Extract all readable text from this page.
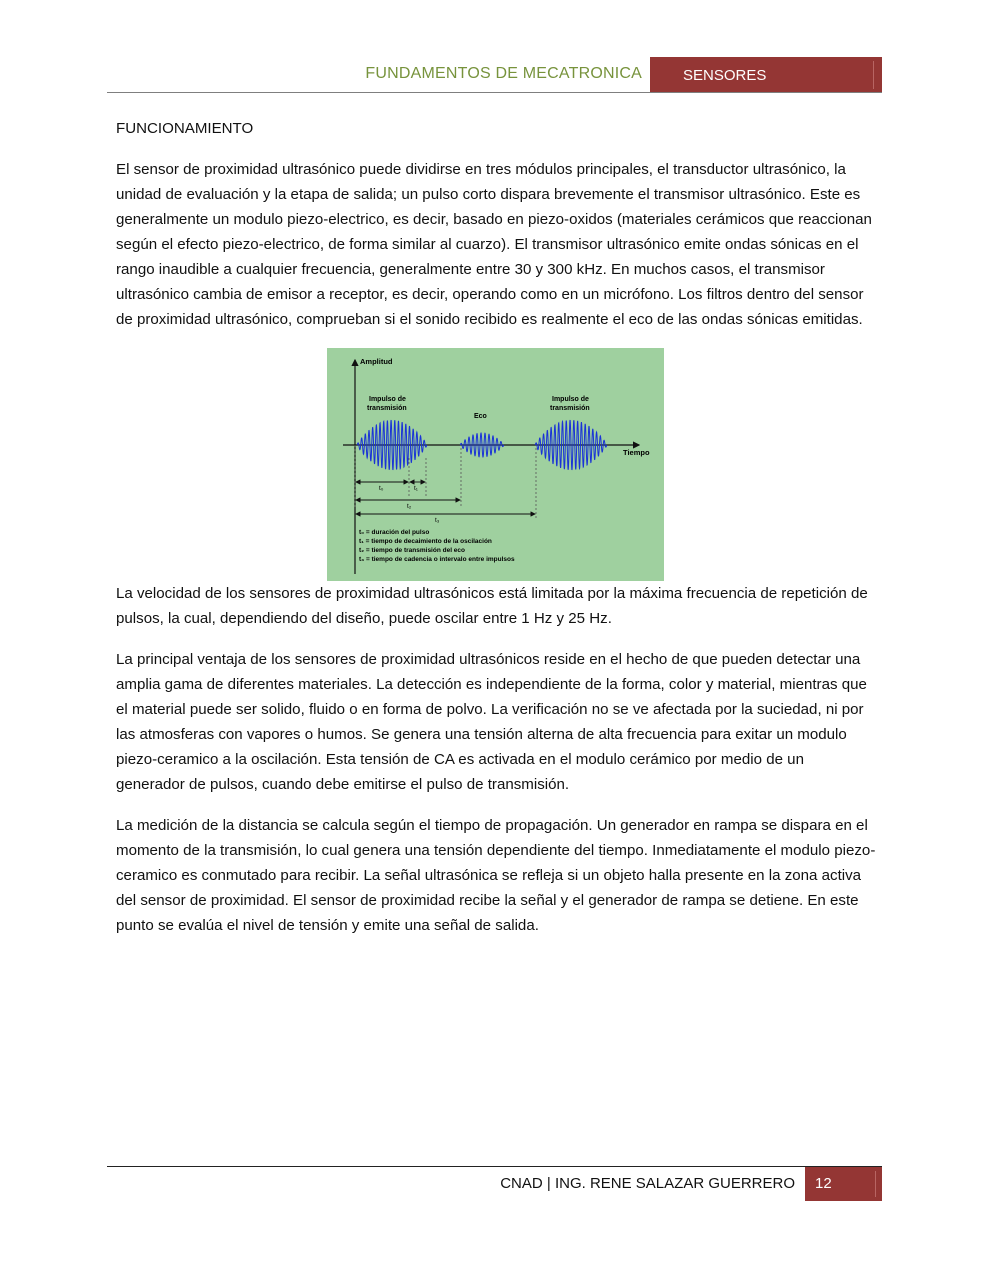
FUNDAMENTOS DE MECATRONICA	SENSORES

FUNCIONAMIENTO

El sensor de proximidad ultrasónico puede dividirse en tres módulos principales, el transductor ultrasónico, la unidad de evaluación y la etapa de salida; un pulso corto dispara brevemente el transmisor ultrasónico. Este es generalmente un modulo piezo-electrico, es decir, basado en piezo-oxidos (materiales cerámicos que reaccionan según el efecto piezo-electrico, de forma similar al cuarzo). El transmisor ultrasónico emite ondas sónicas en el rango inaudible a cualquier frecuencia, generalmente entre 30 y 300 kHz. En muchos casos, el transmisor ultrasónico cambia de emisor a receptor, es decir, operando como en un micrófono. Los filtros dentro del sensor de proximidad ultrasónico, comprueban si el sonido recibido es realmente el eco de las ondas sónicas emitidas.

Amplitud
Tiempo
Impulso de
transmisión
Eco
Impulso de
transmisión
t₀	t₁
t₂
t₃
t₀ = duración del pulso
t₁ = tiempo de decaimiento de la oscilación
t₂ = tiempo de transmisión del eco
t₃ = tiempo de cadencia o intervalo entre impulsos

La velocidad de los sensores de proximidad ultrasónicos está limitada por la máxima frecuencia de repetición de pulsos, la cual, dependiendo del diseño, puede oscilar entre 1 Hz y 25 Hz.

La principal ventaja de los sensores de proximidad ultrasónicos reside en el hecho de que pueden detectar una amplia gama de diferentes materiales. La detección es independiente de la forma, color y material, mientras que el material puede ser solido, fluido o en forma de polvo. La verificación no se ve afectada por la suciedad, ni por las atmosferas con vapores o humos. Se genera una tensión alterna de alta frecuencia para exitar un modulo piezo-ceramico a la oscilación. Esta tensión de CA es activada en el modulo cerámico por medio de un generador de pulsos, cuando debe emitirse el pulso de transmisión.

La medición de la distancia se calcula según el tiempo de propagación. Un generador en rampa se dispara en el momento de la transmisión, lo cual genera una tensión dependiente del tiempo. Inmediatamente el modulo piezo-ceramico es conmutado para recibir. La señal ultrasónica se refleja si un objeto halla presente en la zona activa del sensor de proximidad. El sensor de proximidad recibe la señal y el generador de rampa se detiene. En este punto se evalúa el nivel de tensión y emite una señal de salida.

CNAD | ING. RENE SALAZAR GUERRERO	12
